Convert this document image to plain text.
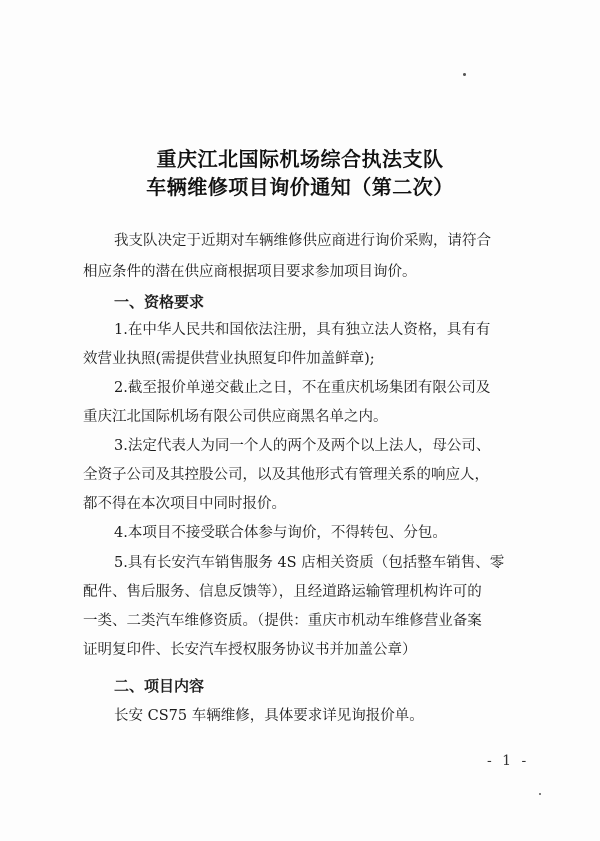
重庆江北国际机场综合执法支队
车辆维修项目询价通知（第二次）
我支队决定于近期对车辆维修供应商进行询价采购，请符合
相应条件的潜在供应商根据项目要求参加项目询价。
一、资格要求
1.在中华人民共和国依法注册，具有独立法人资格，具有有
效营业执照(需提供营业执照复印件加盖鲜章);
2.截至报价单递交截止之日，不在重庆机场集团有限公司及
重庆江北国际机场有限公司供应商黑名单之内。
3.法定代表人为同一个人的两个及两个以上法人，母公司、
全资子公司及其控股公司，以及其他形式有管理关系的响应人，
都不得在本次项目中同时报价。
4.本项目不接受联合体参与询价，不得转包、分包。
5.具有长安汽车销售服务 4S 店相关资质（包括整车销售、零
配件、售后服务、信息反馈等），且经道路运输管理机构许可的
一类、二类汽车维修资质。（提供：重庆市机动车维修营业备案
证明复印件、长安汽车授权服务协议书并加盖公章）
二、项目内容
长安 CS75 车辆维修，具体要求详见询报价单。
- 1 -
